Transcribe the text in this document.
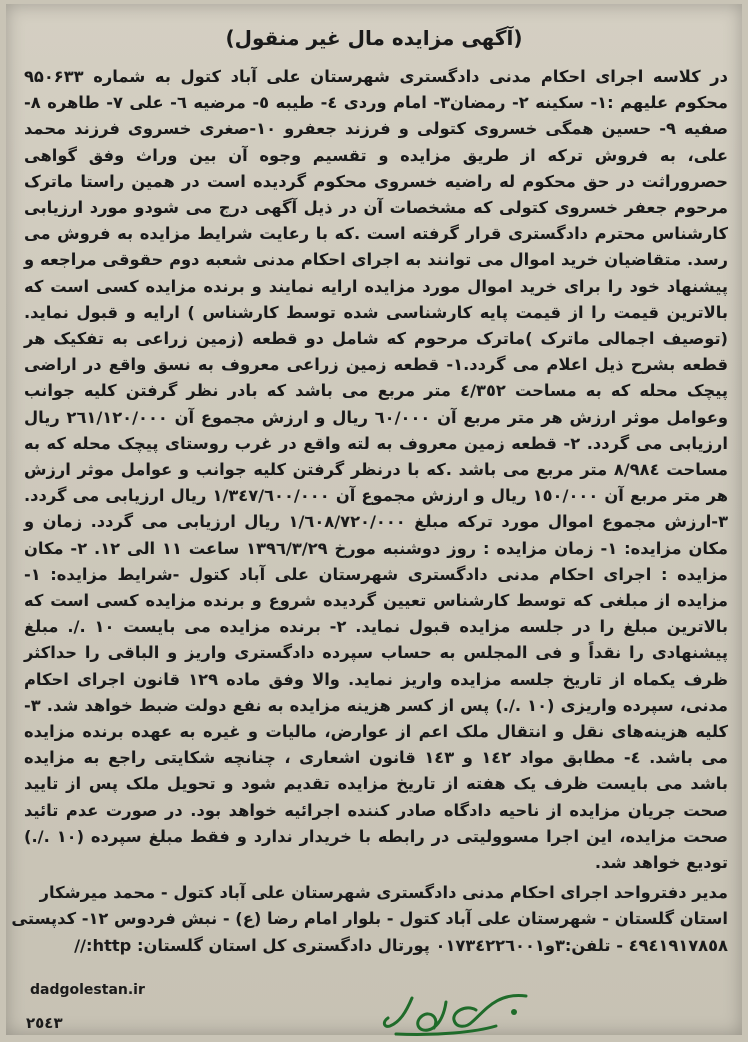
(آگهی مزایده مال غیر منقول)

در کلاسه اجرای احکام مدنی دادگستری شهرستان علی آباد کتول به شماره ۹۵۰۶۳۳ محکوم علیهم :۱- سکینه ۲- رمضان۳- امام وردی ٤- طیبه ٥- مرضیه ٦- علی ٧- طاهره ٨-صفیه ٩- حسین همگی خسروی کتولی و فرزند جعفرو ١٠-صغری خسروی فرزند محمد علی، به فروش ترکه از طریق مزایده و تقسیم وجوه آن بین وراث وفق گواهی حصروراثت در حق محکوم له راضیه خسروی محکوم گردیده است در همین راستا ماترک مرحوم جعفر خسروی کتولی که مشخصات آن در ذیل آگهی درج می شودو مورد ارزیابی کارشناس محترم دادگستری قرار گرفته است .که با رعایت شرایط مزایده به فروش می رسد. متقاضیان خرید اموال می توانند به اجرای احکام مدنی شعبه دوم حقوقی مراجعه و پیشنهاد خود را برای خرید اموال مورد مزایده ارایه نمایند و برنده مزایده کسی است که بالاترین قیمت را از قیمت پایه کارشناسی شده توسط کارشناس ) ارایه و قبول نماید.(توصیف اجمالی ماترک )ماترک مرحوم که شامل دو قطعه (زمین زراعی به تفکیک هر قطعه بشرح ذیل اعلام می گردد.۱- قطعه زمین زراعی معروف به نسق واقع در اراضی پیچک محله که به مساحت ٤/٣٥٢ متر مربع می باشد که بادر نظر گرفتن کلیه جوانب وعوامل موثر ارزش هر متر مربع آن ٦٠/٠٠٠ ریال و ارزش مجموع آن ٢٦١/١٢٠/٠٠٠ ریال ارزیابی می گردد. ٢- قطعه زمین معروف به لته واقع در غرب روستای پیچک محله که به مساحت ٨/٩٨٤ متر مربع می باشد .که با درنظر گرفتن کلیه جوانب و عوامل موثر ارزش هر متر مربع آن ١٥٠/٠٠٠ ریال و ارزش مجموع آن ١/٣٤٧/٦٠٠/٠٠٠ ریال ارزیابی می گردد. ٣-ارزش مجموع اموال مورد ترکه مبلغ ١/٦٠٨/٧٢٠/٠٠٠ ریال ارزیابی می گردد. زمان و مکان مزایده: ۱- زمان مزایده : روز دوشنبه مورخ ١٣٩٦/٣/٢٩ ساعت ١١ الی ١٢. ٢- مکان مزایده : اجرای احکام مدنی دادگستری شهرستان علی آباد کتول -شرایط مزایده: ۱- مزایده از مبلغی که توسط کارشناس تعیین گردیده شروع و برنده مزایده کسی است که بالاترین مبلغ را در جلسه مزایده قبول نماید. ٢- برنده مزایده می بایست ١٠ ./. مبلغ پیشنهادی را نقداً و فی المجلس به حساب سپرده دادگستری واریز و الباقی را حداکثر ظرف یکماه از تاریخ جلسه مزایده واریز نماید. والا وفق ماده ١٢٩ قانون اجرای احکام مدنی، سپرده واریزی (١٠ ./.) پس از کسر هزینه مزایده به نفع دولت ضبط خواهد شد. ٣-کلیه هزینه‌های نقل و انتقال ملک اعم از عوارض، مالیات و غیره به عهده برنده مزایده می باشد. ٤- مطابق مواد ١٤٢ و ١٤٣ قانون اشعاری ، چنانچه شکایتی راجع به مزایده باشد می بایست ظرف یک هفته از تاریخ مزایده تقدیم شود و تحویل ملک پس از تایید صحت جریان مزایده از ناحیه دادگاه صادر کننده اجرائیه خواهد بود. در صورت عدم تائید صحت مزایده، این اجرا مسوولیتی در رابطه با خریدار ندارد و فقط مبلغ سپرده (١٠ ./.) تودیع خواهد شد.

مدیر دفترواحد اجرای احکام مدنی دادگستری شهرستان علی آباد کتول - محمد میرشکار
استان گلستان - شهرستان علی آباد کتول - بلوار امام رضا (ع) - نبش فردوس ١٢- کدپستی
٤٩٤١٩١٧٨٥٨ - تلفن:٣و٠١٧٣٤٢٢٦٠٠١ پورتال دادگستری کل استان گلستان: http://
dadgolestan.ir
٢٥٤٣
